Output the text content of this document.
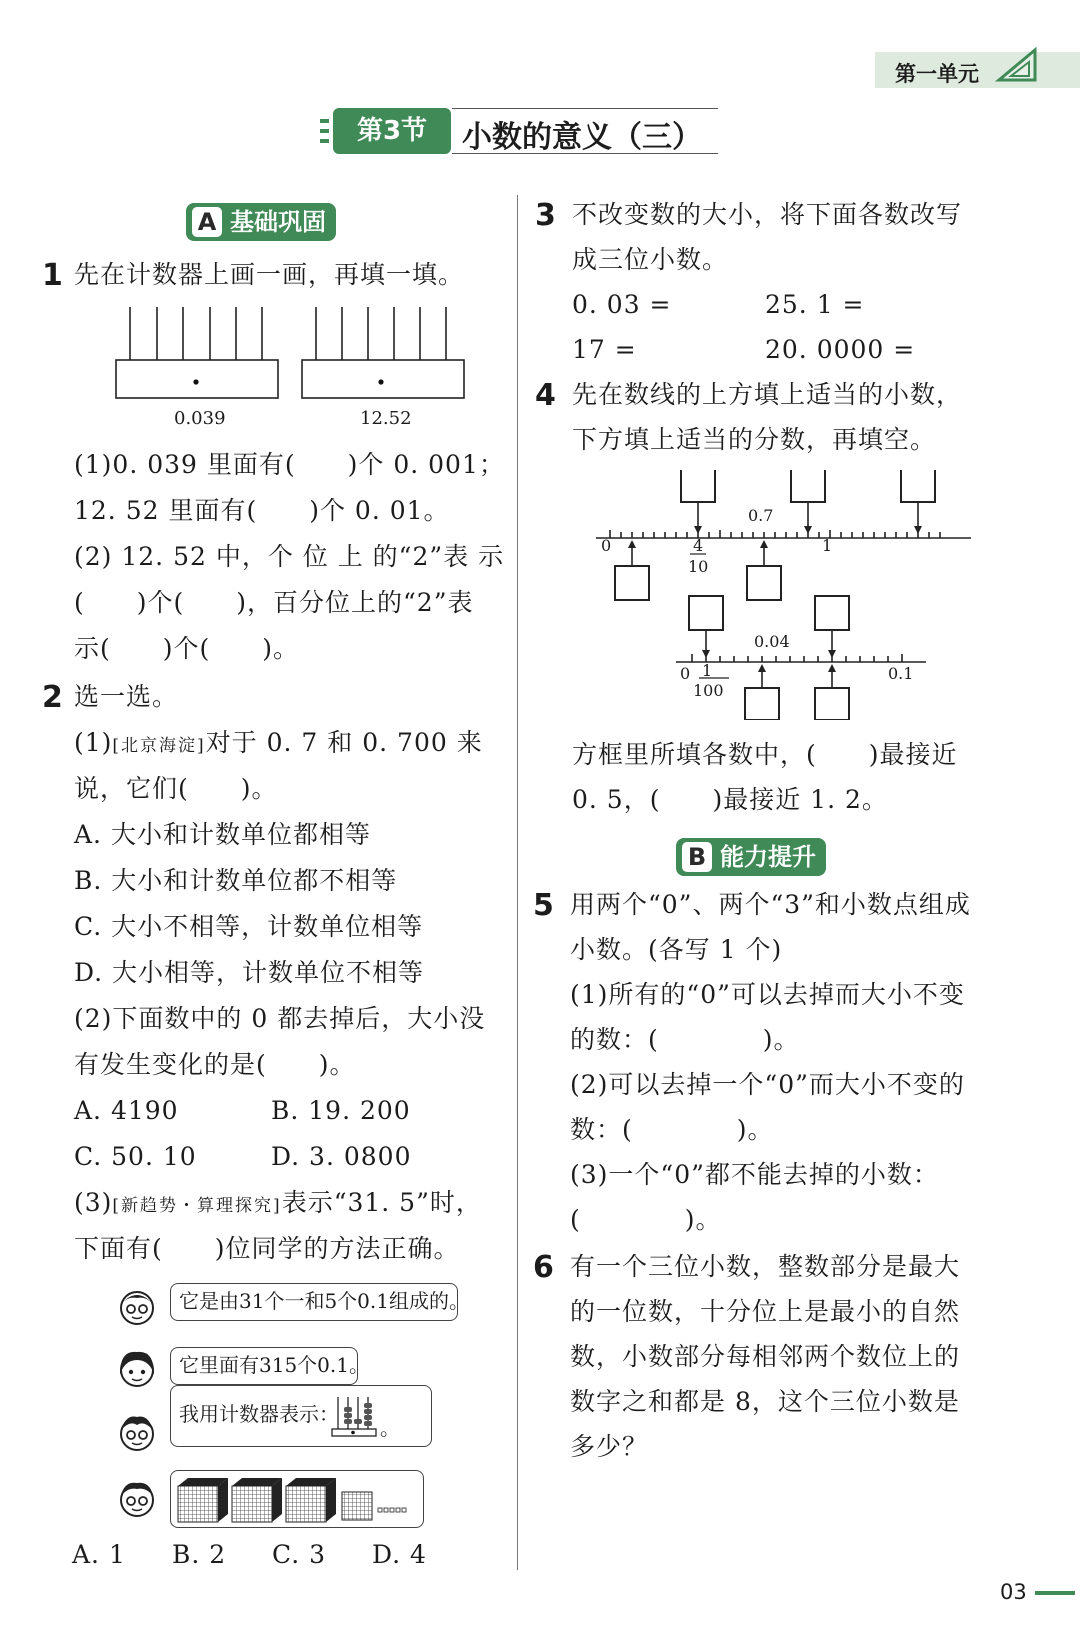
第一单元
第3节	小数的意义（三）
A 基础巩固
1 先在计数器上画一画，再填一填。
0.039	12.52
(1)0. 039 里面有(　　)个 0. 001；
12. 52 里面有(　　)个 0. 01。
(2) 12. 52 中，个 位 上 的“2”表 示
(　　)个(　　)，百分位上的“2”表
示(　　)个(　　)。
2 选一选。
(1)[北京海淀]对于 0. 7 和 0. 700 来
说，它们(　　)。
A. 大小和计数单位都相等
B. 大小和计数单位都不相等
C. 大小不相等，计数单位相等
D. 大小相等，计数单位不相等
(2)下面数中的 0 都去掉后，大小没
有发生变化的是(　　)。
A. 4190	B. 19. 200
C. 50. 10	D. 3. 0800
(3)[新趋势・算理探究]表示“31. 5”时，
下面有(　　)位同学的方法正确。
它是由31个一和5个0.1组成的。
它里面有315个0.1。
我用计数器表示：
。
A. 1 B. 2 C. 3 D. 4
3 不改变数的大小，将下面各数改写
成三位小数。
0. 03 =	25. 1 =
17 =	20. 0000 =
4 先在数线的上方填上适当的小数，
下方填上适当的分数，再填空。
0
0.7
1
4
10
0
0.04
0.1
1
100
方框里所填各数中，(　　)最接近
0. 5，(　　)最接近 1. 2。
B 能力提升
5 用两个“0”、两个“3”和小数点组成
小数。(各写 1 个)
(1)所有的“0”可以去掉而大小不变
的数：(　　　　)。
(2)可以去掉一个“0”而大小不变的
数：(　　　　)。
(3)一个“0”都不能去掉的小数：
(　　　　)。
6 有一个三位小数，整数部分是最大
的一位数，十分位上是最小的自然
数，小数部分每相邻两个数位上的
数字之和都是 8，这个三位小数是
多少？
03
